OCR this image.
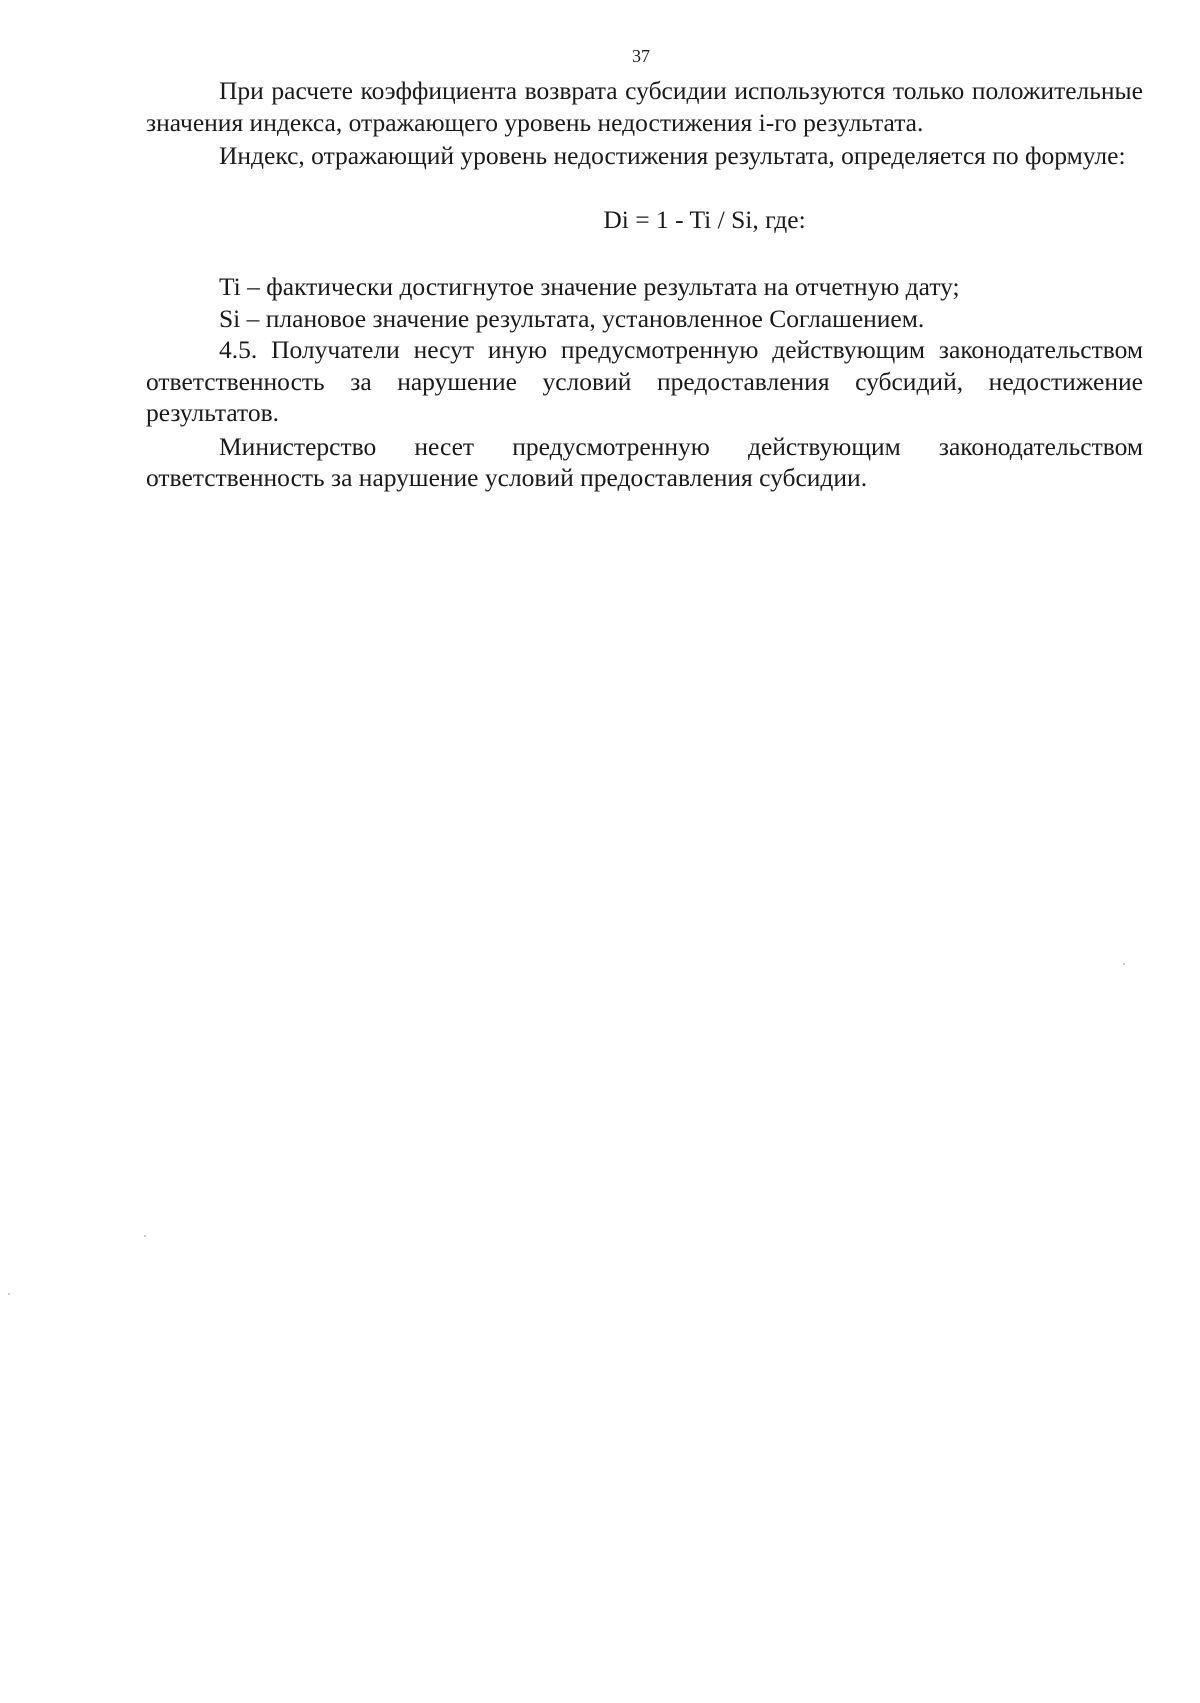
37

При расчете коэффициента возврата субсидии используются только положительные значения индекса, отражающего уровень недостижения i-го результата.

Индекс, отражающий уровень недостижения результата, определяется по формуле:

Di = 1 - Ti / Si, где:

Ti – фактически достигнутое значение результата на отчетную дату;

Si – плановое значение результата, установленное Соглашением.

4.5. Получатели несут иную предусмотренную действующим законодательством ответственность за нарушение условий предоставления субсидий, недостижение результатов.

Министерство несет предусмотренную действующим законодательством ответственность за нарушение условий предоставления субсидии.
